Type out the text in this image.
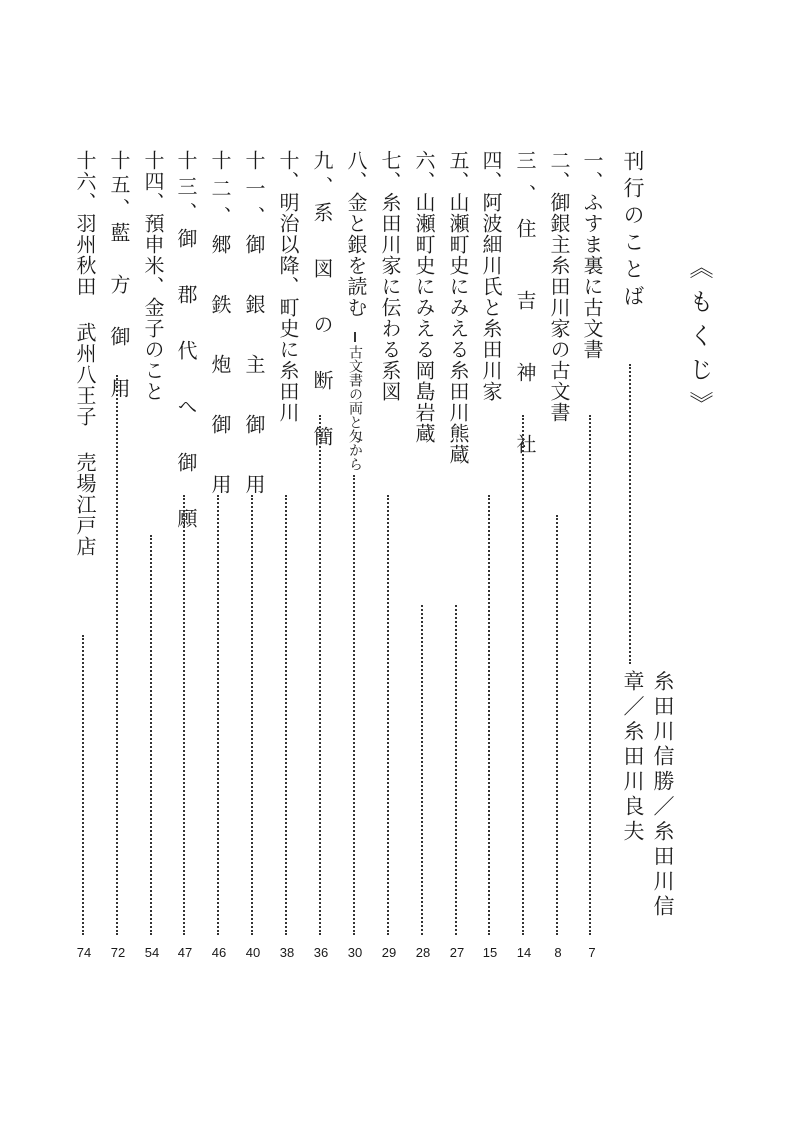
《もくじ》
刊行のことば
糸田川信勝／糸田川信章／糸田川良夫
一、ふすま裏に古文書
二、御銀主糸田川家の古文書
三、住 吉 神 社
四、阿波細川氏と糸田川家
五、山瀬町史にみえる糸田川熊蔵
六、山瀬町史にみえる岡島岩蔵
七、糸田川家に伝わる系図
八、金と銀を読む
古文書の両と匁から
九、系 図 の 断 簡
十、明治以降、町史に糸田川
十一、御 銀 主 御 用
十二、郷 鉄 炮 御 用
十三、御 郡 代 へ 御 願
十四、預申米、金子のこと
十五、藍 方 御 用
十六、羽州秋田 武州八王子 売場江戸店
7
8
14
15
27
28
29
30
36
38
40
46
47
54
72
74
